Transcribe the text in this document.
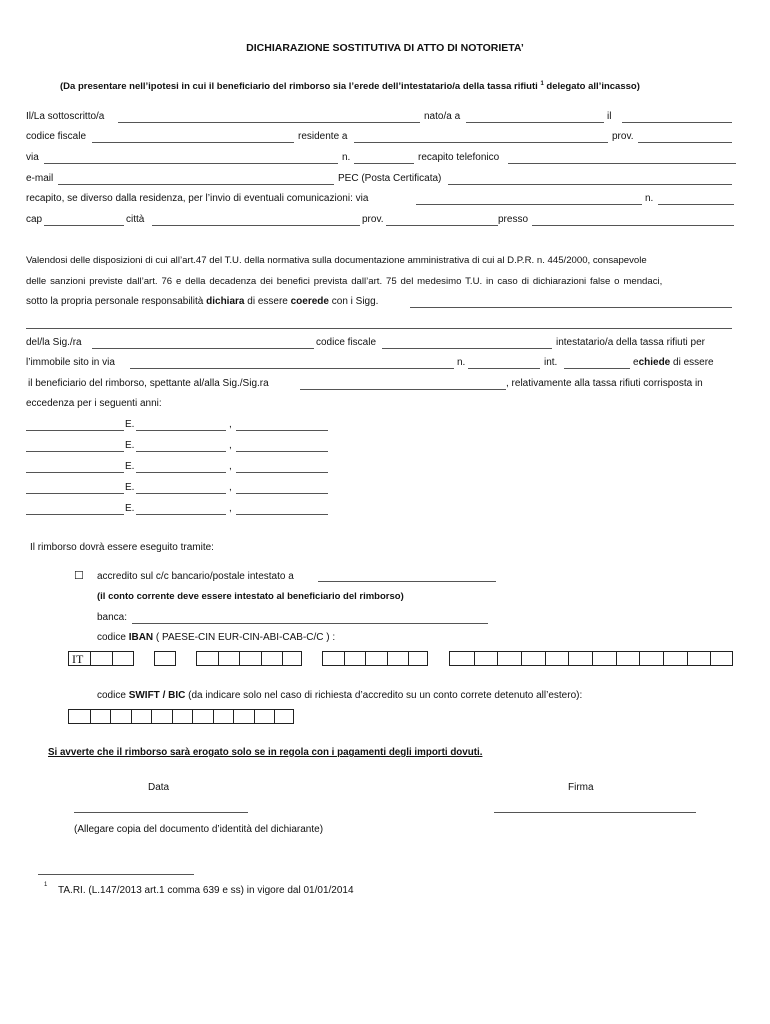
DICHIARAZIONE SOSTITUTIVA DI ATTO DI NOTORIETA’
(Da presentare nell’ipotesi in cui il beneficiario del rimborso sia l’erede dell’intestatario/a della tassa rifiuti $^1$ delegato all’incasso)
Il/La sottoscritto/a	nato/a a	il
codice fiscale	residente a	prov.
via	n.	recapito telefonico
e-mail	PEC (Posta Certificata)
recapito, se diverso dalla residenza, per l’invio di eventuali comunicazioni: via	n.
cap	città	prov.	presso
Valendosi delle disposizioni di cui all’art.47 del T.U. della normativa sulla documentazione amministrativa di cui al D.P.R. n. 445/2000, consapevole
delle sanzioni previste dall’art. 76 e della decadenza dei benefici prevista dall’art. 75 del medesimo T.U. in caso di dichiarazioni false o mendaci,
sotto la propria personale responsabilità dichiara di essere coerede con i Sigg.
del/la Sig./ra	codice fiscale	intestatario/a della tassa rifiuti per
l’immobile sito in via	n.	int.	echiede di essere
il beneficiario del rimborso, spettante al/alla Sig./Sig.ra	, relativamente alla tassa rifiuti corrisposta in
eccedenza per i seguenti anni:
E.	,
E.	,
E.	,
E.	,
E.	,
Il rimborso dovrà essere eseguito tramite:
☐ accredito sul c/c bancario/postale intestato a
(il conto corrente deve essere intestato al beneficiario del rimborso)
banca:
codice IBAN ( PAESE-CIN EUR-CIN-ABI-CAB-C/C ) :
IT
codice SWIFT / BIC (da indicare solo nel caso di richiesta d’accredito su un conto correte detenuto all’estero):
Si avverte che il rimborso sarà erogato solo se in regola con i pagamenti degli importi dovuti.
Data	Firma
(Allegare copia del documento d’identità del dichiarante)
1 TA.RI. (L.147/2013 art.1 comma 639 e ss) in vigore dal 01/01/2014
